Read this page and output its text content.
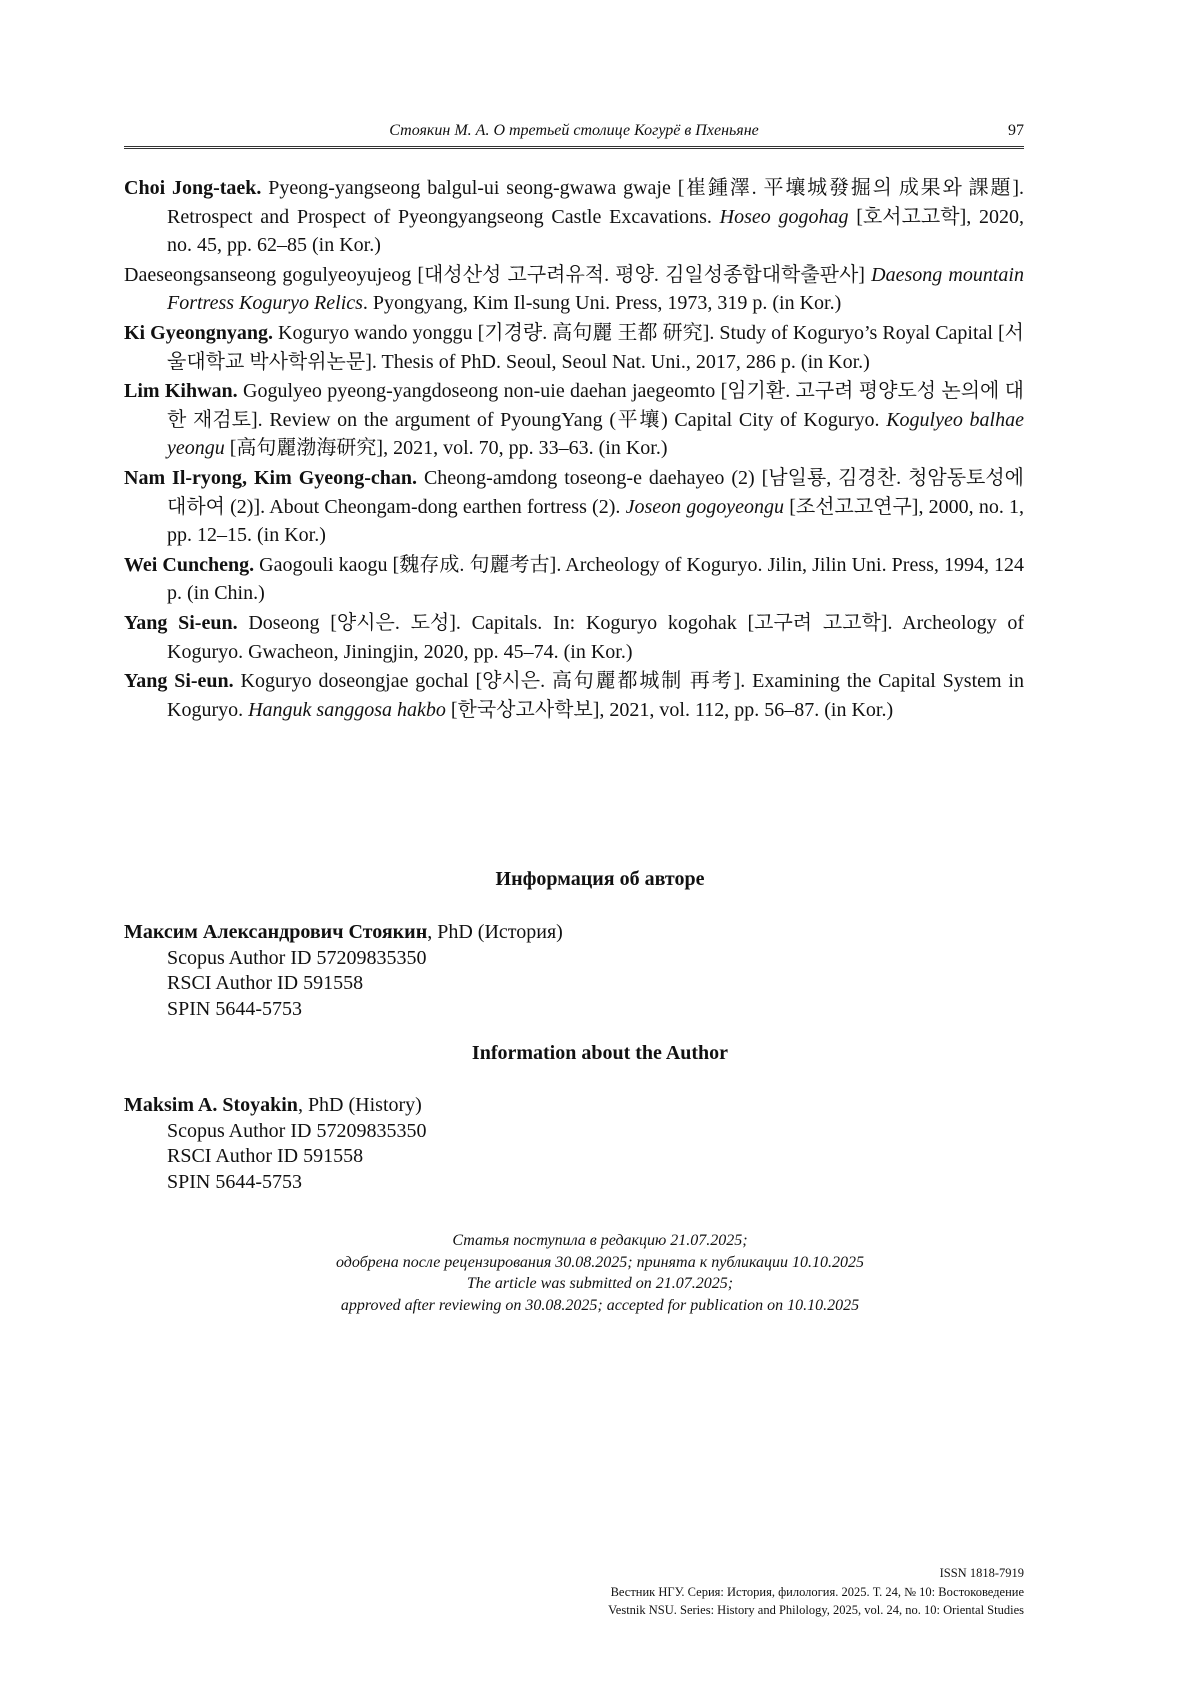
Стоякин М. А. О третьей столице Когурё в Пхеньяне	97

Choi Jong-taek. Pyeong-yangseong balgul-ui seong-gwawa gwaje [崔鍾澤. 平壤城發掘의 成果와 課題]. Retrospect and Prospect of Pyeongyangseong Castle Excavations. Hoseo gogohag [호서고고학], 2020, no. 45, pp. 62–85 (in Kor.)

Daeseongsanseong gogulyeoyujeog [대성산성 고구려유적. 평양. 김일성종합대학출판사] Daesong mountain Fortress Koguryo Relics. Pyongyang, Kim Il-sung Uni. Press, 1973, 319 p. (in Kor.)

Ki Gyeongnyang. Koguryo wando yonggu [기경량. 高句麗 王都 研究]. Study of Koguryo’s Royal Capital [서울대학교 박사학위논문]. Thesis of PhD. Seoul, Seoul Nat. Uni., 2017, 286 p. (in Kor.)

Lim Kihwan. Gogulyeo pyeong-yangdoseong non-uie daehan jaegeomto [임기환. 고구려 평양도성 논의에 대한 재검토]. Review on the argument of PyoungYang (平壤) Capital City of Koguryo. Kogulyeo balhae yeongu [高句麗渤海研究], 2021, vol. 70, pp. 33–63. (in Kor.)

Nam Il-ryong, Kim Gyeong-chan. Cheong-amdong toseong-e daehayeo (2) [남일룡, 김경찬. 청암동토성에 대하여 (2)]. About Cheongam-dong earthen fortress (2). Joseon gogoyeongu [조선고고연구], 2000, no. 1, pp. 12–15. (in Kor.)

Wei Cuncheng. Gaogouli kaogu [魏存成. 句麗考古]. Archeology of Koguryo. Jilin, Jilin Uni. Press, 1994, 124 p. (in Chin.)

Yang Si-eun. Doseong [양시은. 도성]. Capitals. In: Koguryo kogohak [고구려 고고학]. Archeology of Koguryo. Gwacheon, Jiningjin, 2020, pp. 45–74. (in Kor.)

Yang Si-eun. Koguryo doseongjae gochal [양시은. 高句麗都城制 再考]. Examining the Capital System in Koguryo. Hanguk sanggosa hakbo [한국상고사학보], 2021, vol. 112, pp. 56–87. (in Kor.)

Информация об авторе
Максим Александрович Стоякин, PhD (История)
Scopus Author ID 57209835350
RSCI Author ID 591558
SPIN 5644-5753
Information about the Author
Maksim A. Stoyakin, PhD (History)
Scopus Author ID 57209835350
RSCI Author ID 591558
SPIN 5644-5753
Статья поступила в редакцию 21.07.2025;
одобрена после рецензирования 30.08.2025; принята к публикации 10.10.2025
The article was submitted on 21.07.2025;
approved after reviewing on 30.08.2025; accepted for publication on 10.10.2025
ISSN 1818-7919
Вестник НГУ. Серия: История, филология. 2025. Т. 24, № 10: Востоковедение
Vestnik NSU. Series: History and Philology, 2025, vol. 24, no. 10: Oriental Studies
